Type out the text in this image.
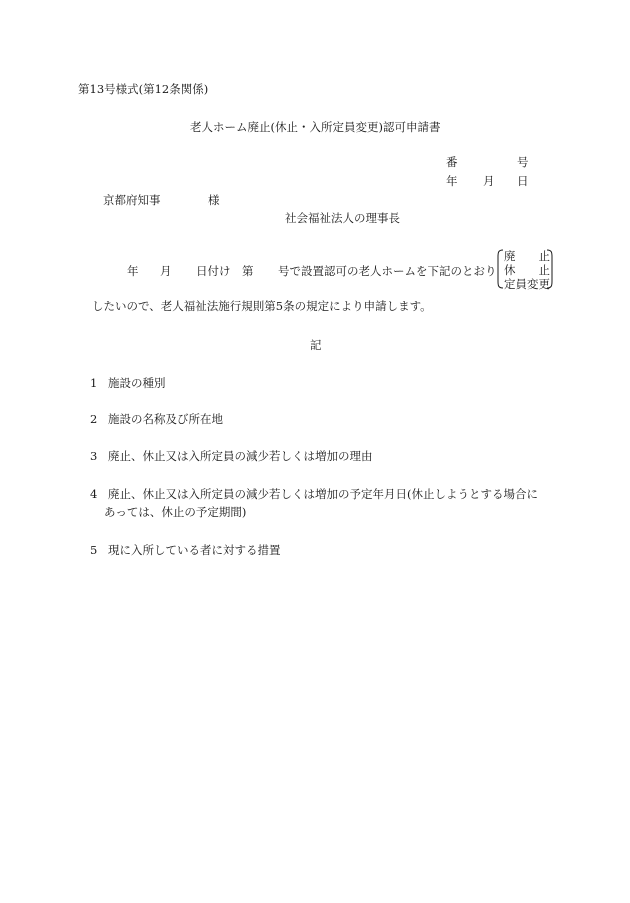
第13号様式(第12条関係)
老人ホーム廃止(休止・入所定員変更)認可申請書
番	号
年 月 日
京都府知事	様
社会福祉法人の理事長
年 月 日付け 第 号で設置認可の老人ホームを下記のとおり
廃 止
休 止
定員変更
したいので、老人福祉法施行規則第5条の規定により申請します。
記
1 施設の種別
2 施設の名称及び所在地
3 廃止、休止又は入所定員の減少若しくは増加の理由
4 廃止、休止又は入所定員の減少若しくは増加の予定年月日(休止しようとする場合に
あっては、休止の予定期間)
5 現に入所している者に対する措置
